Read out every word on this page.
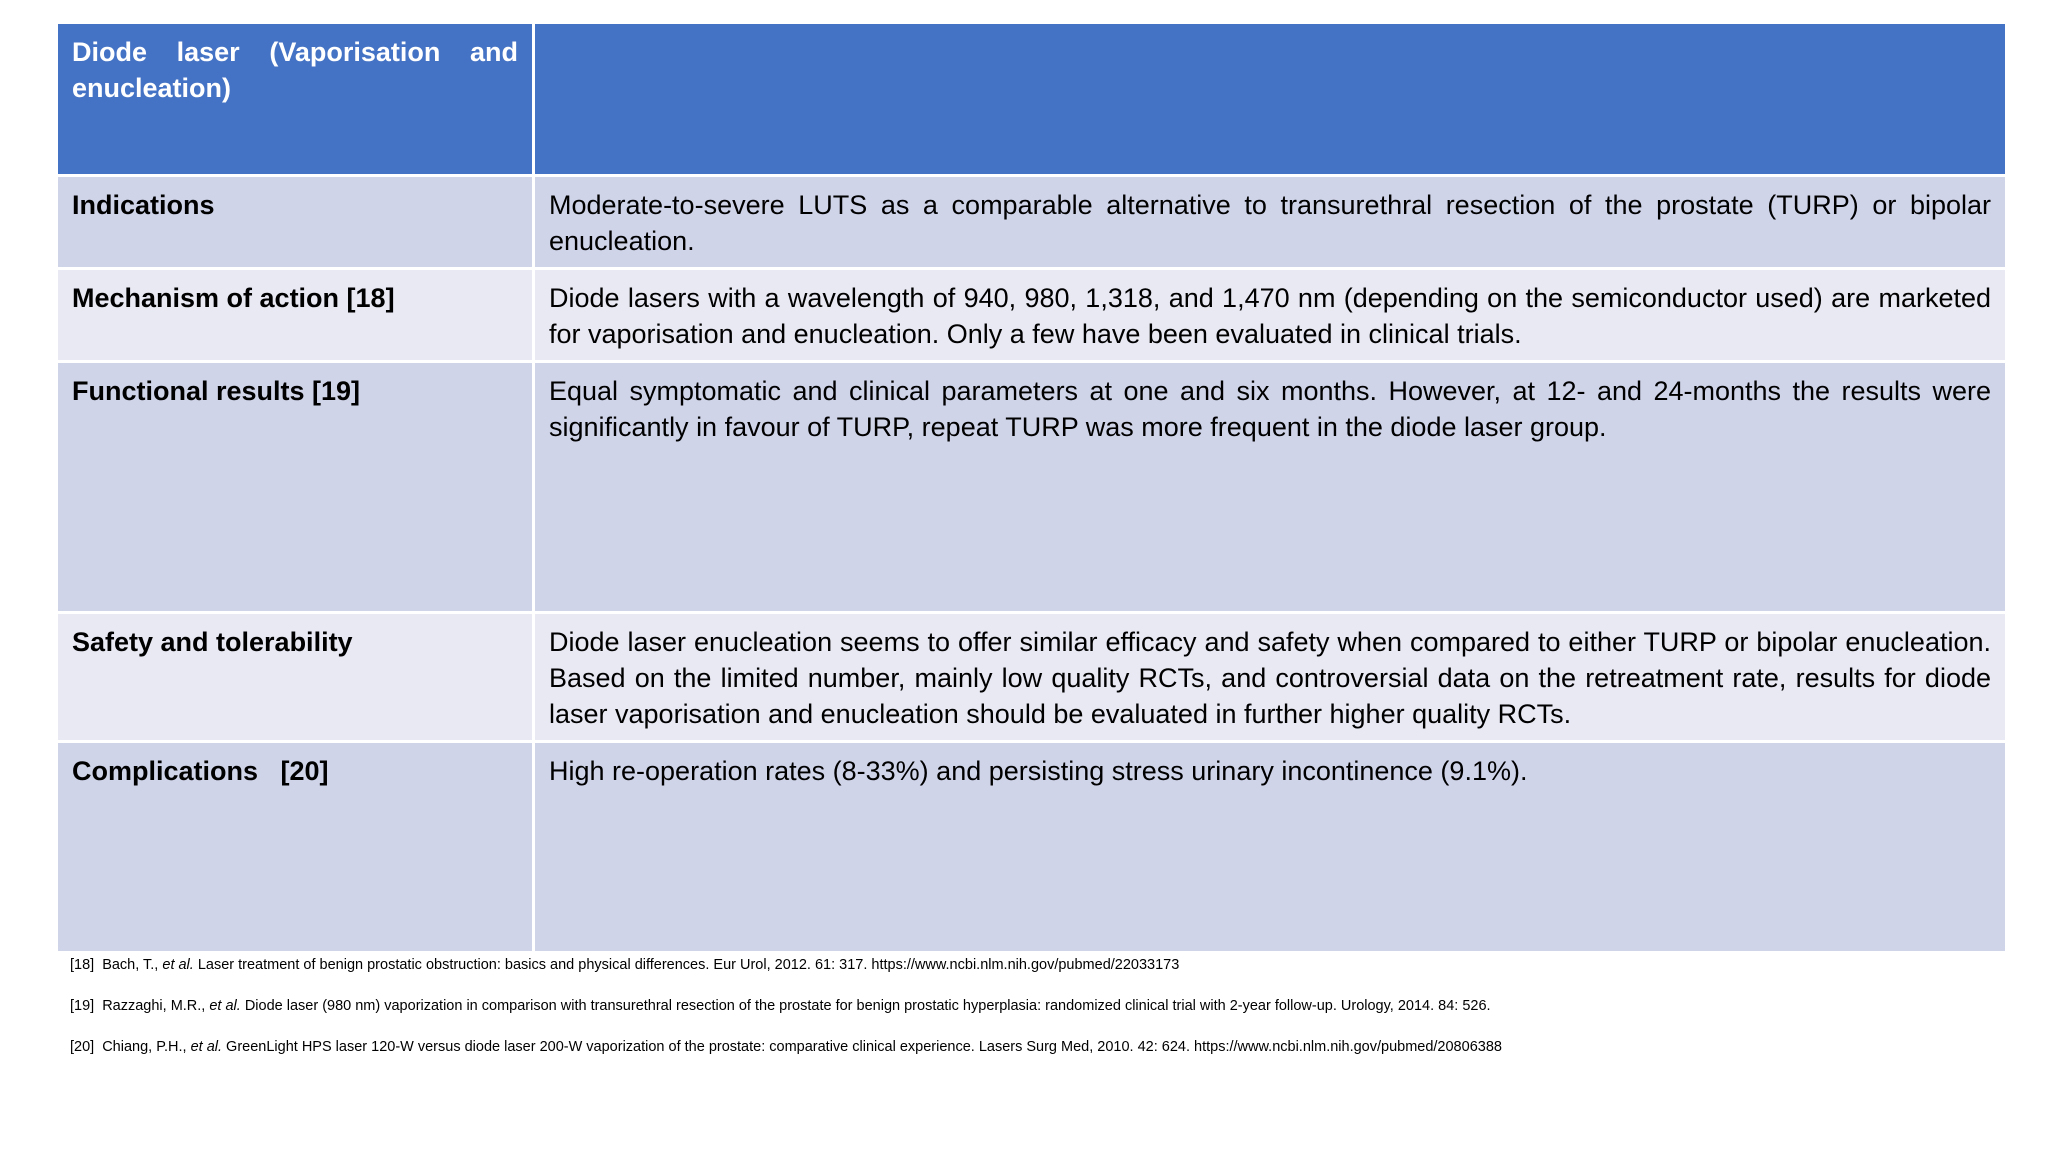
Diode laser (Vaporisation and enucleation)	

Indications	Moderate-to-severe LUTS as a comparable alternative to transurethral resection of the prostate (TURP) or bipolar enucleation.
Mechanism of action [18]	Diode lasers with a wavelength of 940, 980, 1,318, and 1,470 nm (depending on the semiconductor used) are marketed for vaporisation and enucleation. Only a few have been evaluated in clinical trials.
Functional results [19]	Equal symptomatic and clinical parameters at one and six months. However, at 12- and 24-months the results were significantly in favour of TURP, repeat TURP was more frequent in the diode laser group.
Safety and tolerability	Diode laser enucleation seems to offer similar efficacy and safety when compared to either TURP or bipolar enucleation. Based on the limited number, mainly low quality RCTs, and controversial data on the retreatment rate, results for diode laser vaporisation and enucleation should be evaluated in further higher quality RCTs.
Complications   [20]	High re-operation rates (8-33%) and persisting stress urinary incontinence (9.1%).
[18] Bach, T., et al. Laser treatment of benign prostatic obstruction: basics and physical differences. Eur Urol, 2012. 61: 317. https://www.ncbi.nlm.nih.gov/pubmed/22033173
[19] Razzaghi, M.R., et al. Diode laser (980 nm) vaporization in comparison with transurethral resection of the prostate for benign prostatic hyperplasia: randomized clinical trial with 2-year follow-up. Urology, 2014. 84: 526.
[20] Chiang, P.H., et al. GreenLight HPS laser 120-W versus diode laser 200-W vaporization of the prostate: comparative clinical experience. Lasers Surg Med, 2010. 42: 624. https://www.ncbi.nlm.nih.gov/pubmed/20806388
